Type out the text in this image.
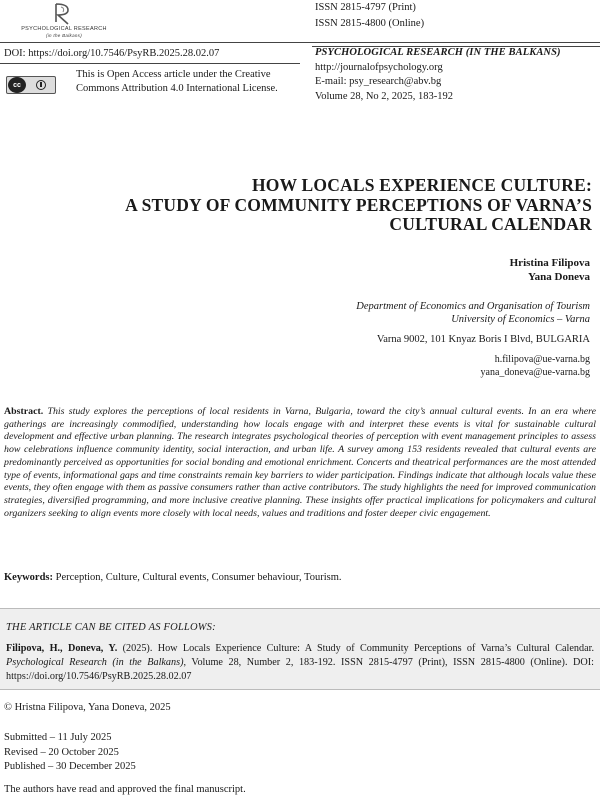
PSYCHOLOGICAL RESEARCH
(in the Balkans)
ISSN 2815-4797 (Print)
ISSN 2815-4800 (Online)
DOI: https://doi.org/10.7546/PsyRB.2025.28.02.07
cc
This is Open Access article under the Creative Commons Attribution 4.0 International License.
PSYCHOLOGICAL RESEARCH (IN THE BALKANS)
http://journalofpsychology.org
E-mail: psy_research@abv.bg
Volume 28, No 2, 2025, 183-192
HOW LOCALS EXPERIENCE CULTURE:
A STUDY OF COMMUNITY PERCEPTIONS OF VARNA’S
CULTURAL CALENDAR
Hristina Filipova
Yana Doneva
Department of Economics and Organisation of Tourism
University of Economics – Varna
Varna 9002, 101 Knyaz Boris I Blvd, BULGARIA
h.filipova@ue-varna.bg
yana_doneva@ue-varna.bg
Abstract. This study explores the perceptions of local residents in Varna, Bulgaria, toward the city’s annual cultural events. In an era where gatherings are increasingly commodified, understanding how locals engage with and interpret these events is vital for sustainable cultural development and effective urban planning. The research integrates psychological theories of perception with event management principles to assess how celebrations influence community identity, social interaction, and urban life. A survey among 153 residents revealed that cultural events are predominantly perceived as opportunities for social bonding and emotional enrichment. Concerts and theatrical performances are the most attended type of events, informational gaps and time constraints remain key barriers to wider participation. Findings indicate that although locals value these events, they often engage with them as passive consumers rather than active contributors. The study highlights the need for improved communication strategies, diversified programming, and more inclusive creative planning. These insights offer practical implications for policymakers and cultural organizers seeking to align events more closely with local needs, values and traditions and foster deeper civic engagement.
Keywords: Perception, Culture, Cultural events, Consumer behaviour, Tourism.
THE ARTICLE CAN BE CITED AS FOLLOWS:
Filipova, H., Doneva, Y. (2025). How Locals Experience Culture: A Study of Community Perceptions of Varna’s Cultural Calendar. Psychological Research (in the Balkans), Volume 28, Number 2, 183-192. ISSN 2815-4797 (Print), ISSN 2815-4800 (Online). DOI: https://doi.org/10.7546/PsyRB.2025.28.02.07
© Hristna Filipova, Yana Doneva, 2025
Submitted – 11 July 2025
Revised – 20 October 2025
Published – 30 December 2025
The authors have read and approved the final manuscript.
